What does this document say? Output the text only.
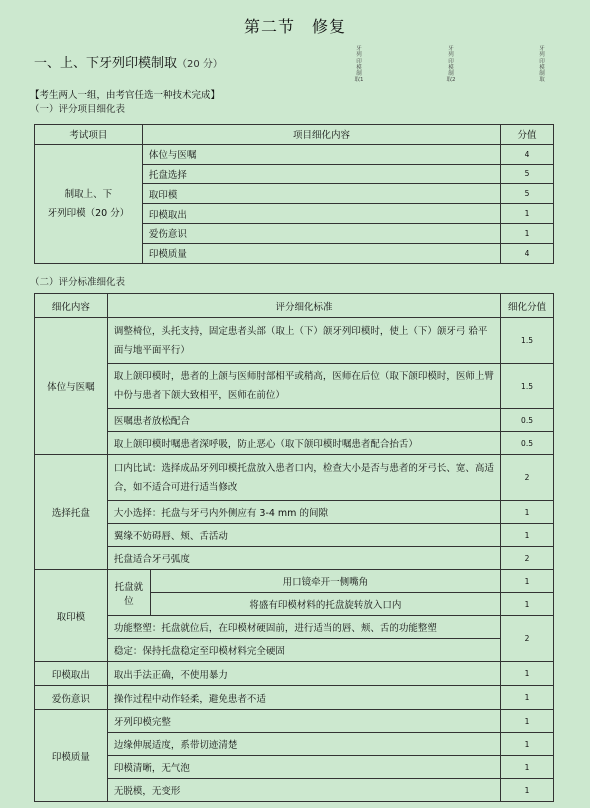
第二节　修复
一、上、下牙列印模制取（20 分）
牙列印模制取1
牙列印模制取2
牙列印模制取
【考生两人一组，由考官任选一种技术完成】
（一）评分项目细化表
考试项目	项目细化内容	分值
制取上、下
牙列印模（20 分）	体位与医嘱	4
	托盘选择	5
	取印模	5
	印模取出	1
	爱伤意识	1
	印模质量	4
（二）评分标准细化表
细化内容	评分细化标准		细化分值
体位与医嘱	调整椅位，头托支持，固定患者头部（取上（下）颌牙列印模时，使上（下）颌牙弓 𬌗平面与地平面平行）		1.5
	取上颌印模时，患者的上颌与医师肘部相平或稍高，医师在后位（取下颌印模时，医师上臂中份与患者下颌大致相平，医师在前位）		1.5
	医嘱患者放松配合		0.5
	取上颌印模时嘱患者深呼吸，防止恶心（取下颌印模时嘱患者配合抬舌）		0.5
选择托盘	口内比试：选择成品牙列印模托盘放入患者口内，检查大小是否与患者的牙弓长、宽、高适合，如不适合可进行适当修改		2
	大小选择：托盘与牙弓内外侧应有 3-4 mm 的间隙		1
	翼缘不妨碍唇、颊、舌活动		1
	托盘适合牙弓弧度		2
取印模	托盘就位	用口镜牵开一侧嘴角	1
		将盛有印模材料的托盘旋转放入口内	1
	功能整塑：托盘就位后，在印模材硬固前，进行适当的唇、颊、舌的功能整塑		2
	稳定：保持托盘稳定至印模材料完全硬固		
印模取出	取出手法正确，不使用暴力		1
爱伤意识	操作过程中动作轻柔，避免患者不适		1
印模质量	牙列印模完整		1
	边缘伸展适度，系带切迹清楚		1
	印模清晰，无气泡		1
	无脱模，无变形		1
